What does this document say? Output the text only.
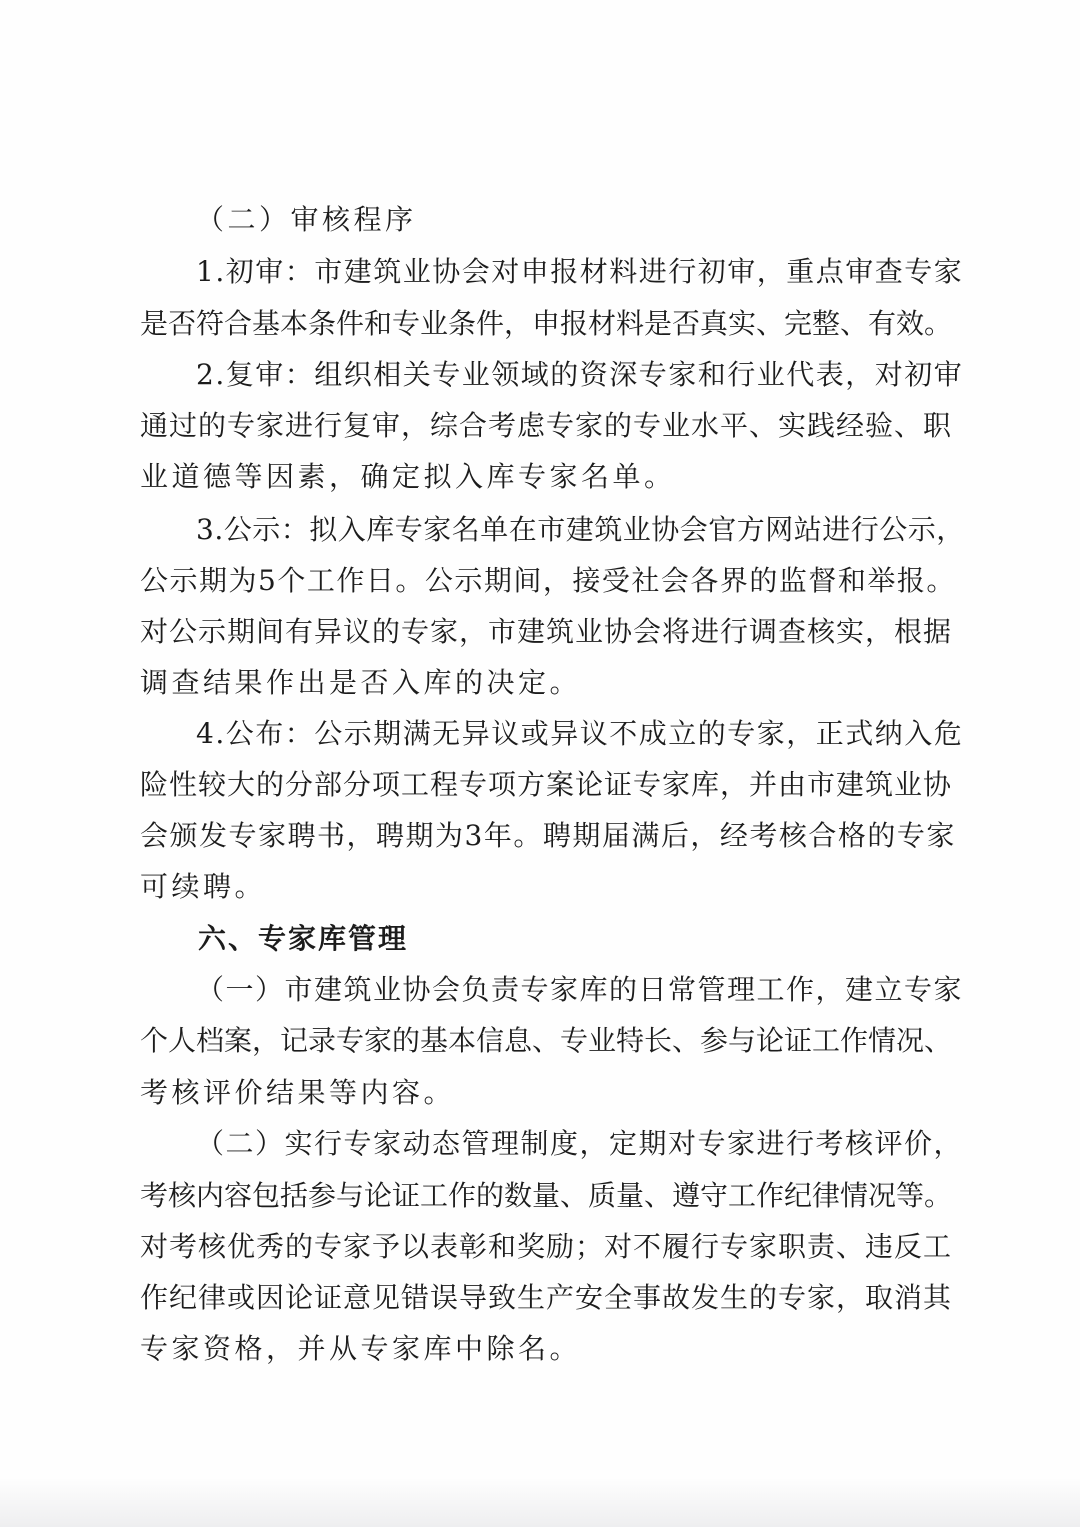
（二）审核程序
1.初审：市建筑业协会对申报材料进行初审，重点审查专家
是否符合基本条件和专业条件，申报材料是否真实、完整、有效。
2.复审：组织相关专业领域的资深专家和行业代表，对初审
通过的专家进行复审，综合考虑专家的专业水平、实践经验、职
业道德等因素，确定拟入库专家名单。
3.公示：拟入库专家名单在市建筑业协会官方网站进行公示，
公示期为5个工作日。公示期间，接受社会各界的监督和举报。
对公示期间有异议的专家，市建筑业协会将进行调查核实，根据
调查结果作出是否入库的决定。
4.公布：公示期满无异议或异议不成立的专家，正式纳入危
险性较大的分部分项工程专项方案论证专家库，并由市建筑业协
会颁发专家聘书，聘期为3年。聘期届满后，经考核合格的专家
可续聘。
六、专家库管理
（一）市建筑业协会负责专家库的日常管理工作，建立专家
个人档案，记录专家的基本信息、专业特长、参与论证工作情况、
考核评价结果等内容。
（二）实行专家动态管理制度，定期对专家进行考核评价，
考核内容包括参与论证工作的数量、质量、遵守工作纪律情况等。
对考核优秀的专家予以表彰和奖励；对不履行专家职责、违反工
作纪律或因论证意见错误导致生产安全事故发生的专家，取消其
专家资格，并从专家库中除名。
